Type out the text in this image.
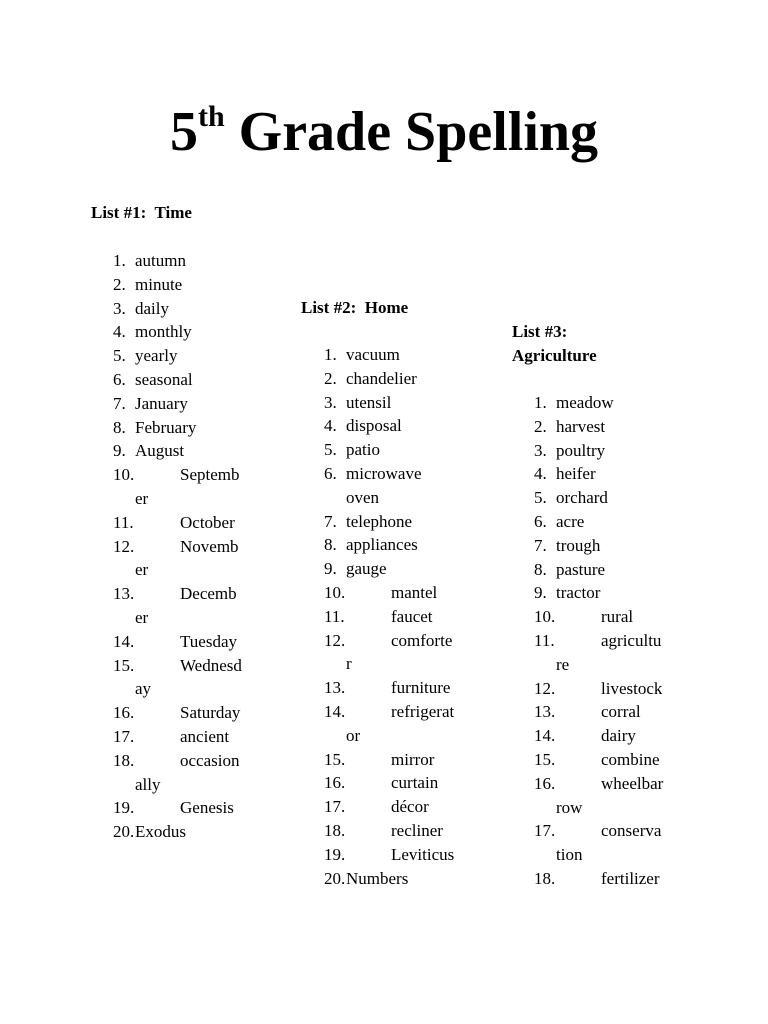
5th Grade Spelling
List #1:  Time
1. autumn
2. minute
3. daily
4. monthly
5. yearly
6. seasonal
7. January
8. February
9. August
10.	Septemb
er
11.	October
12.	Novemb
er
13.	Decemb
er
14.	Tuesday
15.	Wednesd
ay
16.	Saturday
17.	ancient
18.	occasion
ally
19.	Genesis
20. Exodus
List #2:  Home
1. vacuum
2. chandelier
3. utensil
4. disposal
5. patio
6. microwave
oven
7. telephone
8. appliances
9. gauge
10.	mantel
11.	faucet
12.	comforte
r
13.	furniture
14.	refrigerat
or
15.	mirror
16.	curtain
17.	décor
18.	recliner
19.	Leviticus
20. Numbers
List #3:
Agriculture
1. meadow
2. harvest
3. poultry
4. heifer
5. orchard
6. acre
7. trough
8. pasture
9. tractor
10.	rural
11.	agricultu
re
12.	livestock
13.	corral
14.	dairy
15.	combine
16.	wheelbar
row
17.	conserva
tion
18.	fertilizer
